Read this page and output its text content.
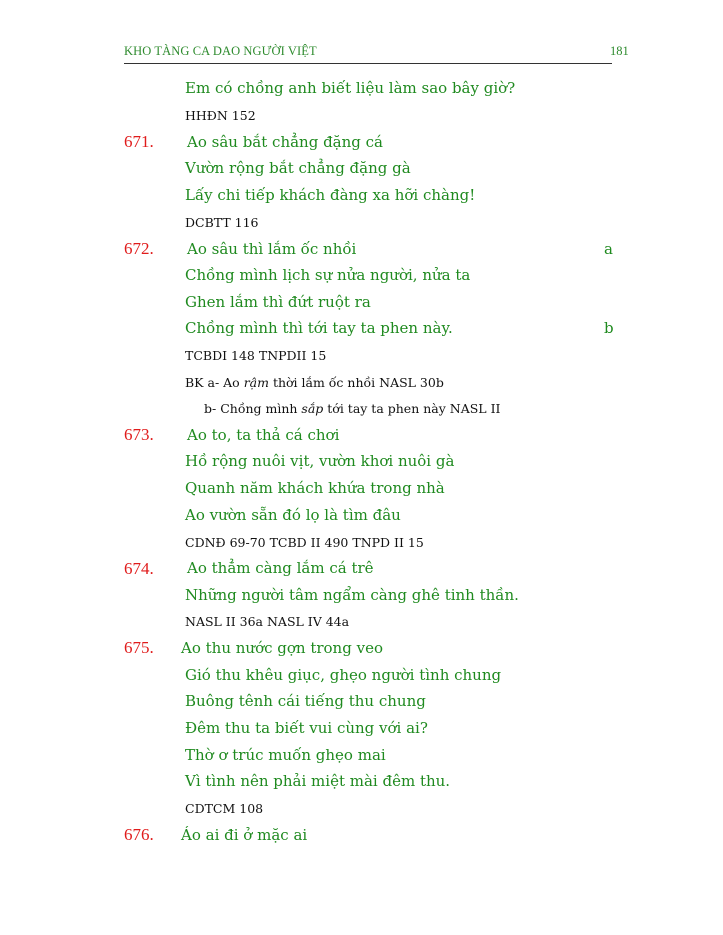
KHO TÀNG CA DAO NGƯỜI VIỆT	181
Em có chồng anh biết liệu làm sao bây giờ?
HHĐN 152
671. Ao sâu bắt chẳng đặng cá
Vườn rộng bắt chẳng đặng gà
Lấy chi tiếp khách đàng xa hỡi chàng!
DCBTT 116
672. Ao sâu thì lắm ốc nhồi	a
Chồng mình lịch sự nửa người, nửa ta
Ghen lắm thì đứt ruột ra
Chồng mình thì tới tay ta phen này.	b
TCBDI 148 TNPDII 15
BK a- Ao rậm thời lắm ốc nhồi NASL 30b
b- Chồng mình sắp tới tay ta phen này NASL II
673. Ao to, ta thả cá chơi
Hồ rộng nuôi vịt, vườn khơi nuôi gà
Quanh năm khách khứa trong nhà
Ao vườn sẵn đó lọ là tìm đâu
CDNĐ 69-70 TCBD II 490 TNPD II 15
674. Ao thẳm càng lắm cá trê
Những người tâm ngẩm càng ghê tinh thần.
NASL II 36a NASL IV 44a
675. Ao thu nước gợn trong veo
Gió thu khêu giục, ghẹo người tình chung
Buông tênh cái tiếng thu chung
Đêm thu ta biết vui cùng với ai?
Thờ ơ trúc muốn ghẹo mai
Vì tình nên phải miệt mài đêm thu.
CDTCM 108
676. Áo ai đi ở mặc ai
